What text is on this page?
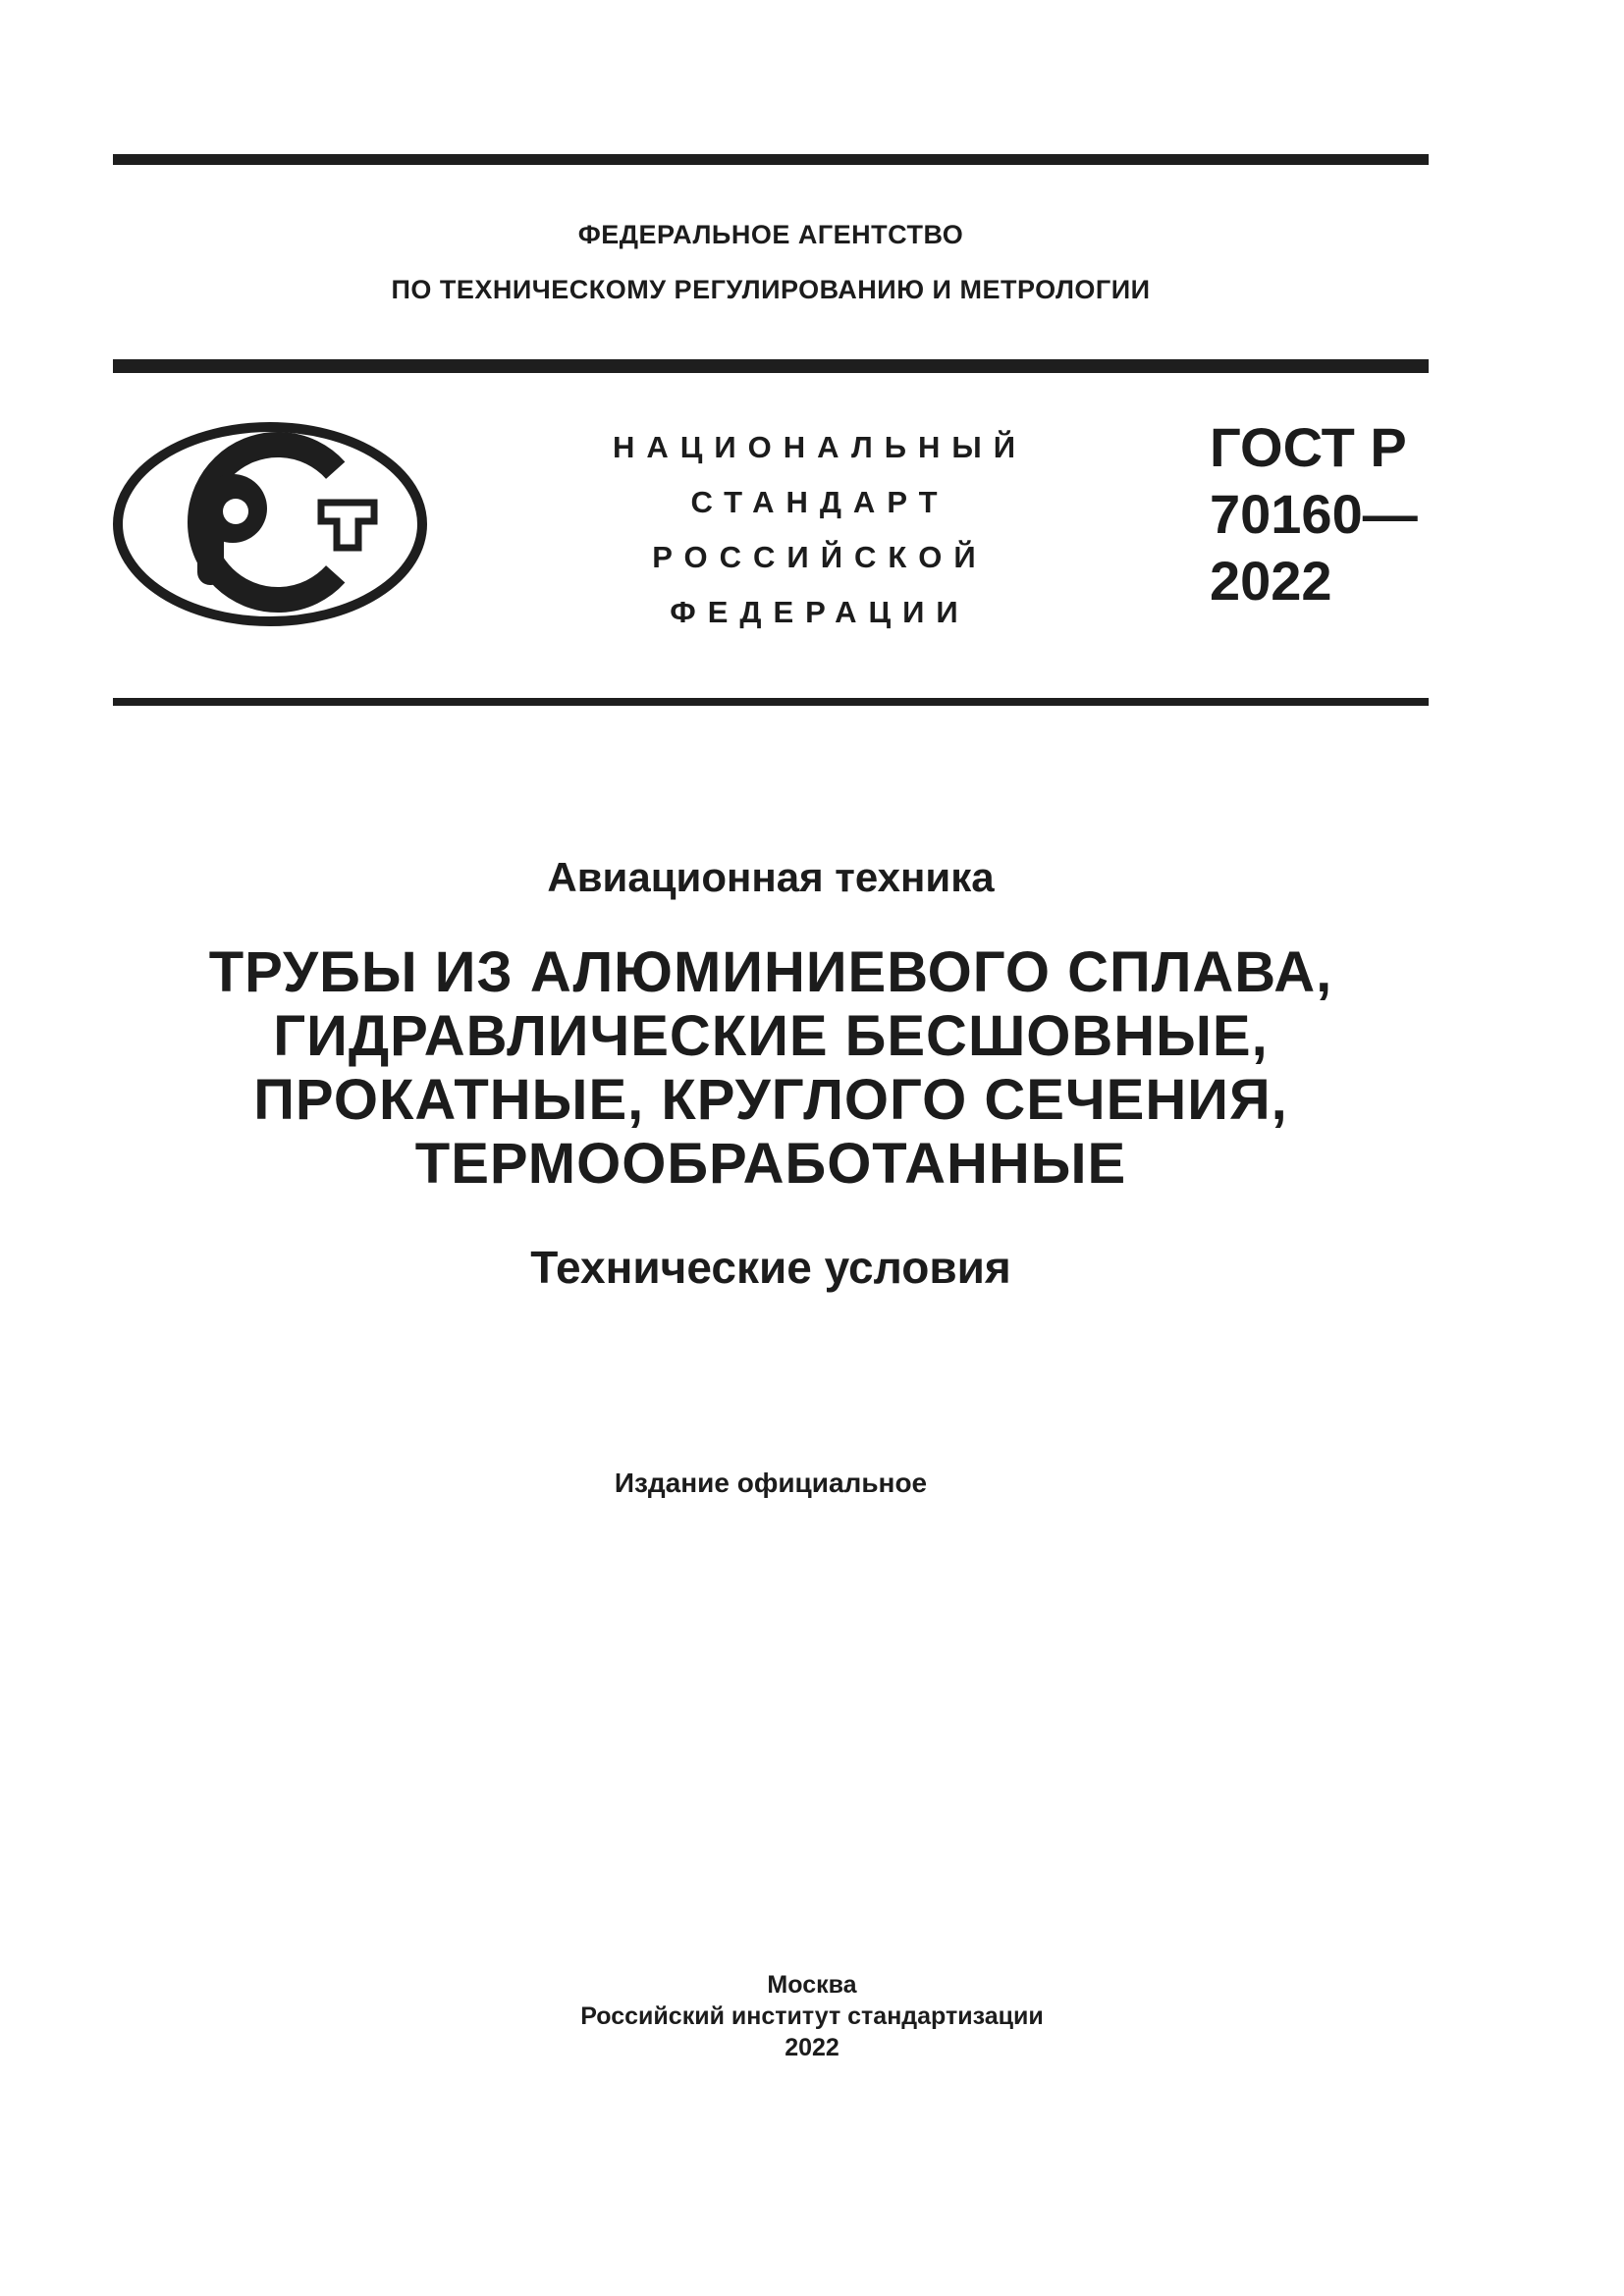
ФЕДЕРАЛЬНОЕ АГЕНТСТВО
ПО ТЕХНИЧЕСКОМУ РЕГУЛИРОВАНИЮ И МЕТРОЛОГИИ
НАЦИОНАЛЬНЫЙ
СТАНДАРТ
РОССИЙСКОЙ
ФЕДЕРАЦИИ
ГОСТ Р
70160—
2022
Авиационная техника
ТРУБЫ ИЗ АЛЮМИНИЕВОГО СПЛАВА,
ГИДРАВЛИЧЕСКИЕ БЕСШОВНЫЕ,
ПРОКАТНЫЕ, КРУГЛОГО СЕЧЕНИЯ,
ТЕРМООБРАБОТАННЫЕ
Технические условия
Издание официальное
Москва
Российский институт стандартизации
2022
